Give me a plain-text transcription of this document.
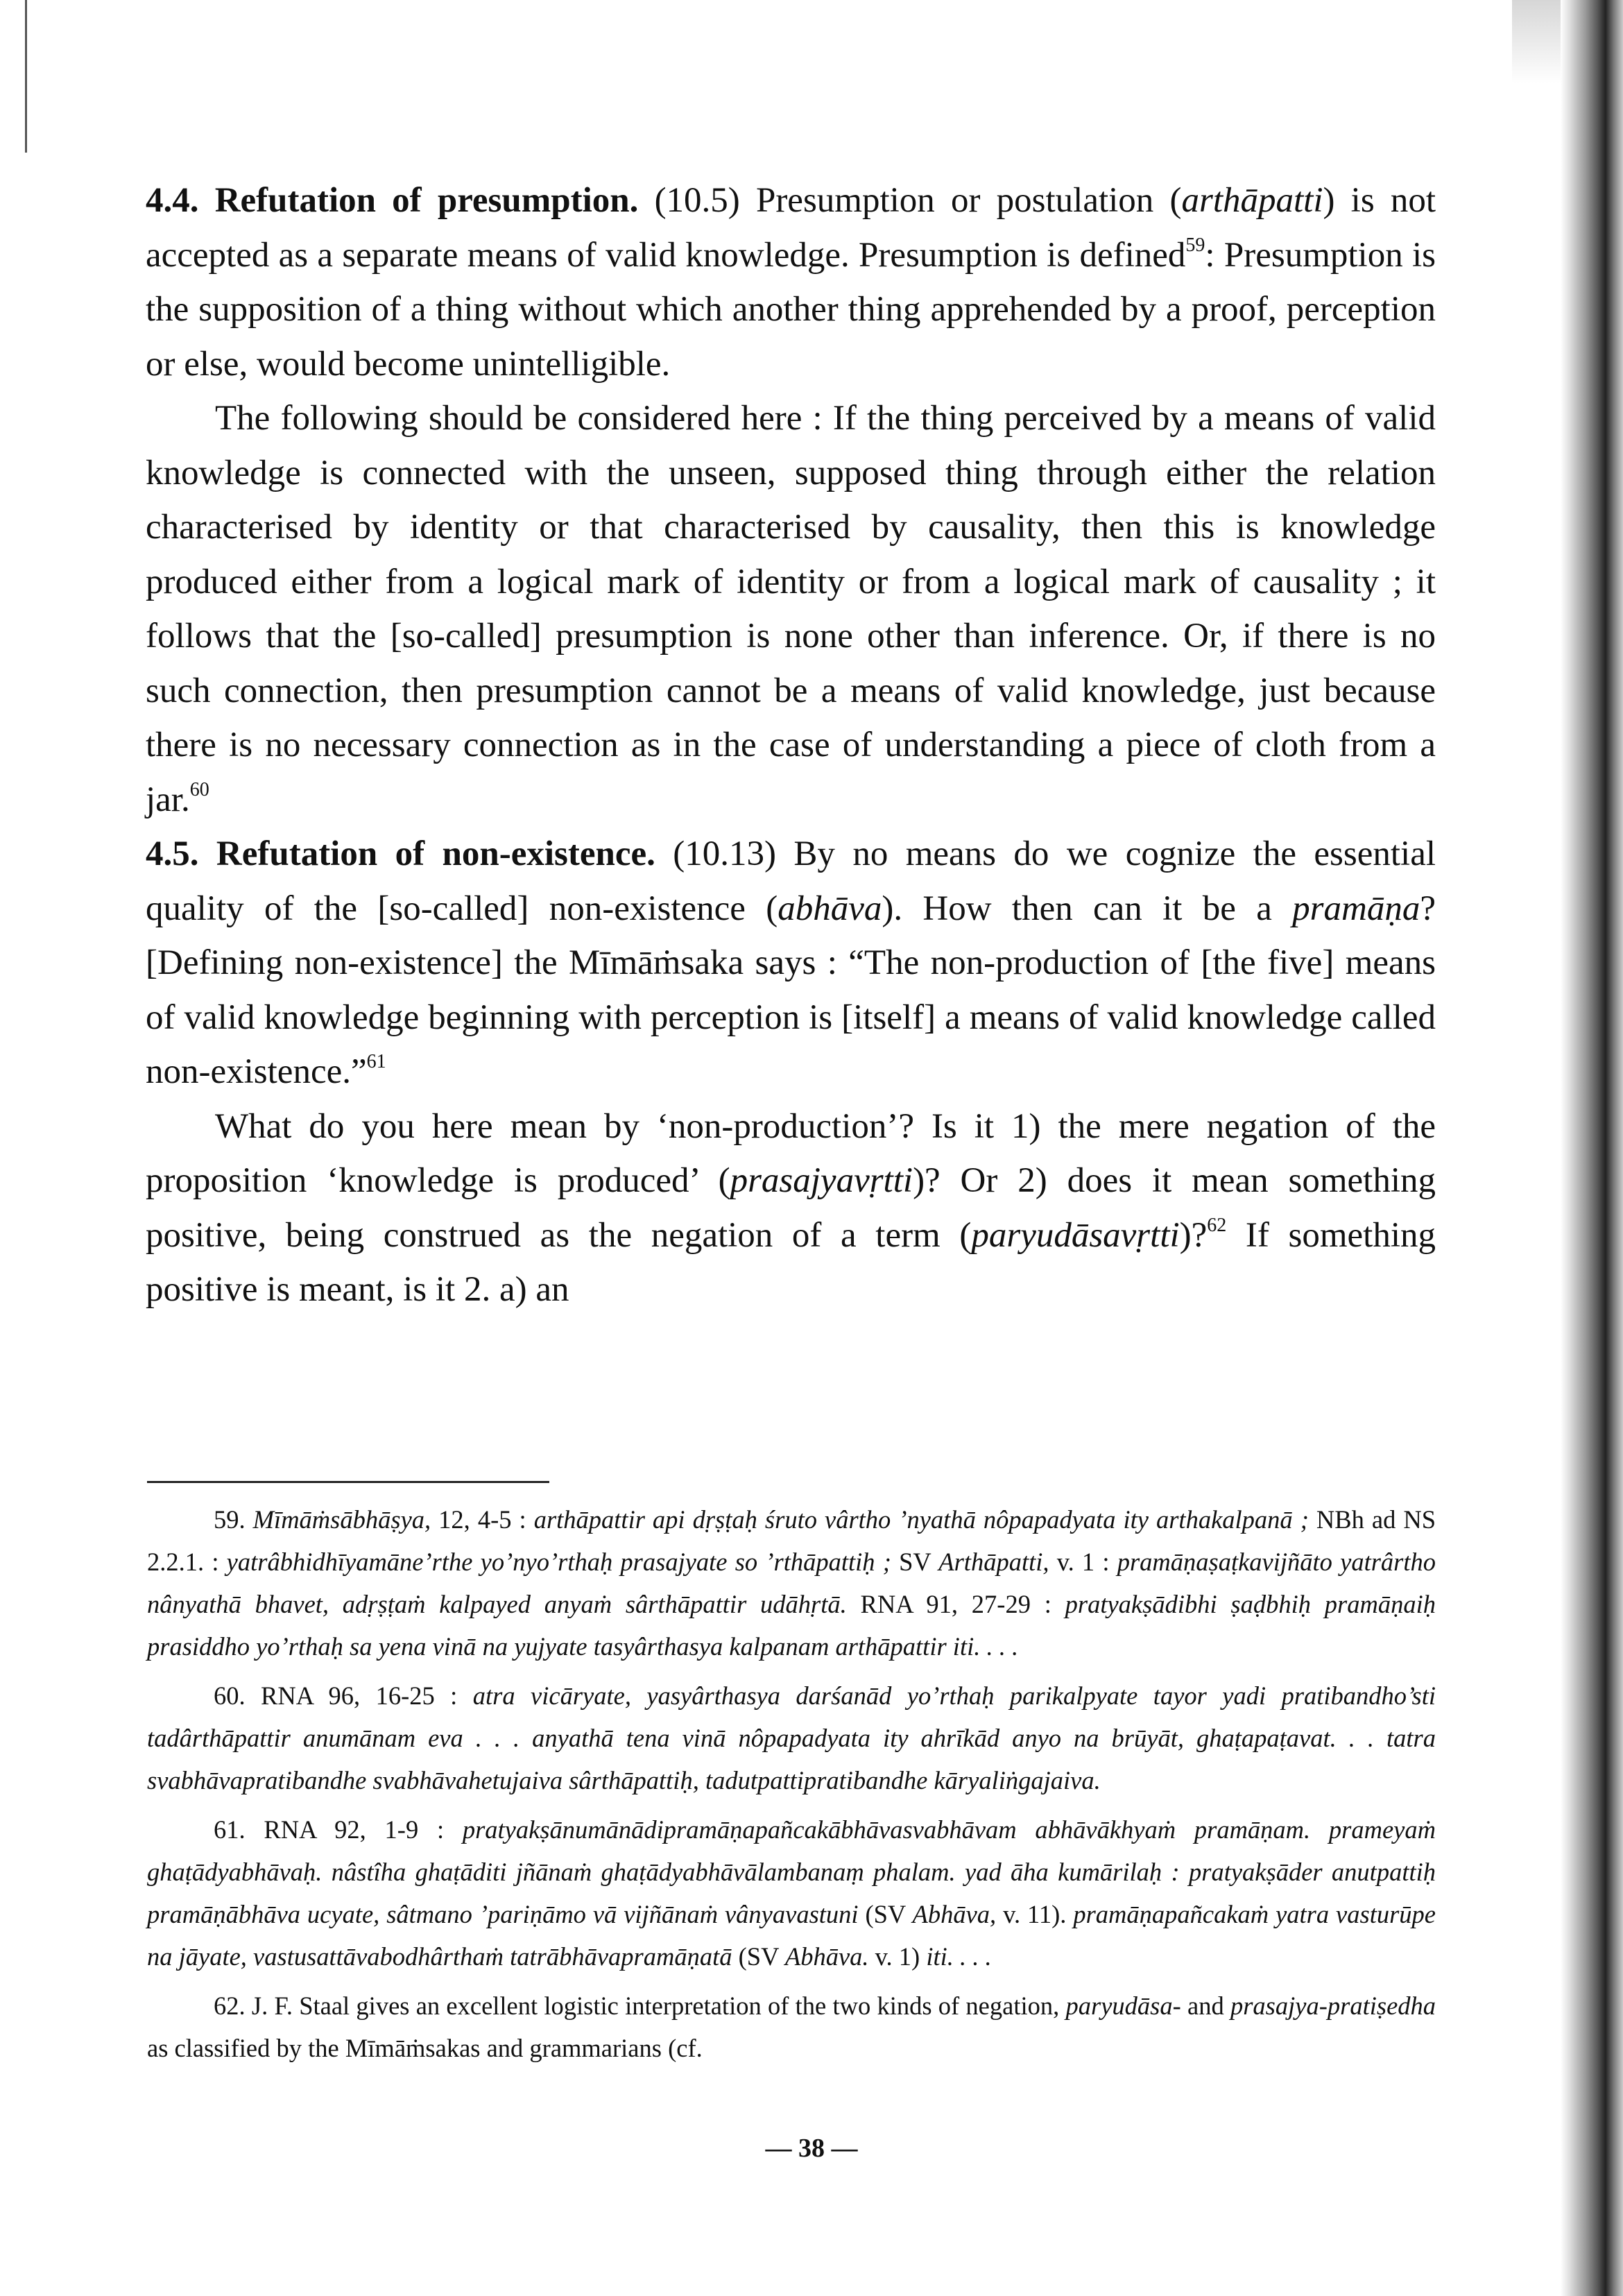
4.4. Refutation of presumption. (10.5) Presumption or postulation (arthāpatti) is not accepted as a separate means of valid knowledge. Presumption is defined$^{59}$: Presumption is the supposition of a thing without which another thing apprehended by a proof, perception or else, would become unintelligible.

The following should be considered here : If the thing perceived by a means of valid knowledge is connected with the unseen, supposed thing through either the relation characterised by identity or that characterised by causality, then this is knowledge produced either from a logical mark of identity or from a logical mark of causality ; it follows that the [so-called] presumption is none other than inference. Or, if there is no such connection, then presumption cannot be a means of valid knowledge, just because there is no necessary connection as in the case of understanding a piece of cloth from a jar.$^{60}$

4.5. Refutation of non-existence. (10.13) By no means do we cognize the essential quality of the [so-called] non-existence (abhāva). How then can it be a pramāṇa? [Defining non-existence] the Mīmāṁsaka says : “The non-production of [the five] means of valid knowledge beginning with perception is [itself] a means of valid knowledge called non-existence.”$^{61}$

What do you here mean by ‘non-production’? Is it 1) the mere negation of the proposition ‘knowledge is produced’ (prasajyavṛtti)? Or 2) does it mean something positive, being construed as the negation of a term (paryudāsavṛtti)?$^{62}$ If something positive is meant, is it 2. a) an

59. Mīmāṁsābhāṣya, 12, 4-5 : arthāpattir api dṛṣṭaḥ śruto vârtho ’nyathā nôpapadyata ity arthakalpanā ; NBh ad NS 2.2.1. : yatrâbhidhīyamāne’rthe yo’nyo’rthaḥ prasajyate so ’rthāpattiḥ ; SV Arthāpatti, v. 1 : pramāṇaṣaṭkavijñāto yatrârtho nânyathā bhavet, adṛṣṭaṁ kalpayed anyaṁ sârthāpattir udāhṛtā. RNA 91, 27-29 : pratyakṣādibhi ṣaḍbhiḥ pramāṇaiḥ prasiddho yo’rthaḥ sa yena vinā na yujyate tasyârthasya kalpanam arthāpattir iti. . . .

60. RNA 96, 16-25 : atra vicāryate, yasyârthasya darśanād yo’rthaḥ parikalpyate tayor yadi pratibandho’sti tadârthāpattir anumānam eva . . . anyathā tena vinā nôpapadyata ity ahrīkād anyo na brūyāt, ghaṭapaṭavat. . . tatra svabhāvapratibandhe svabhāvahetujaiva sârthāpattiḥ, tadutpattipratibandhe kāryaliṅgajaiva.

61. RNA 92, 1-9 : pratyakṣānumānādipramāṇapañcakābhāvasvabhāvam abhāvākhyaṁ pramāṇam. prameyaṁ ghaṭādyabhāvaḥ. nâstîha ghaṭāditi jñānaṁ ghaṭādyabhāvālambanaṃ phalam. yad āha kumārilaḥ : pratyakṣāder anutpattiḥ pramāṇābhāva ucyate, sâtmano ’pariṇāmo vā vijñānaṁ vânyavastuni (SV Abhāva, v. 11). pramāṇapañcakaṁ yatra vasturūpe na jāyate, vastusattāvabodhârthaṁ tatrābhāvapramāṇatā (SV Abhāva. v. 1) iti. . . .

62. J. F. Staal gives an excellent logistic interpretation of the two kinds of negation, paryudāsa- and prasajya-pratiṣedha as classified by the Mīmāṁsakas and grammarians (cf.

— 38 —
